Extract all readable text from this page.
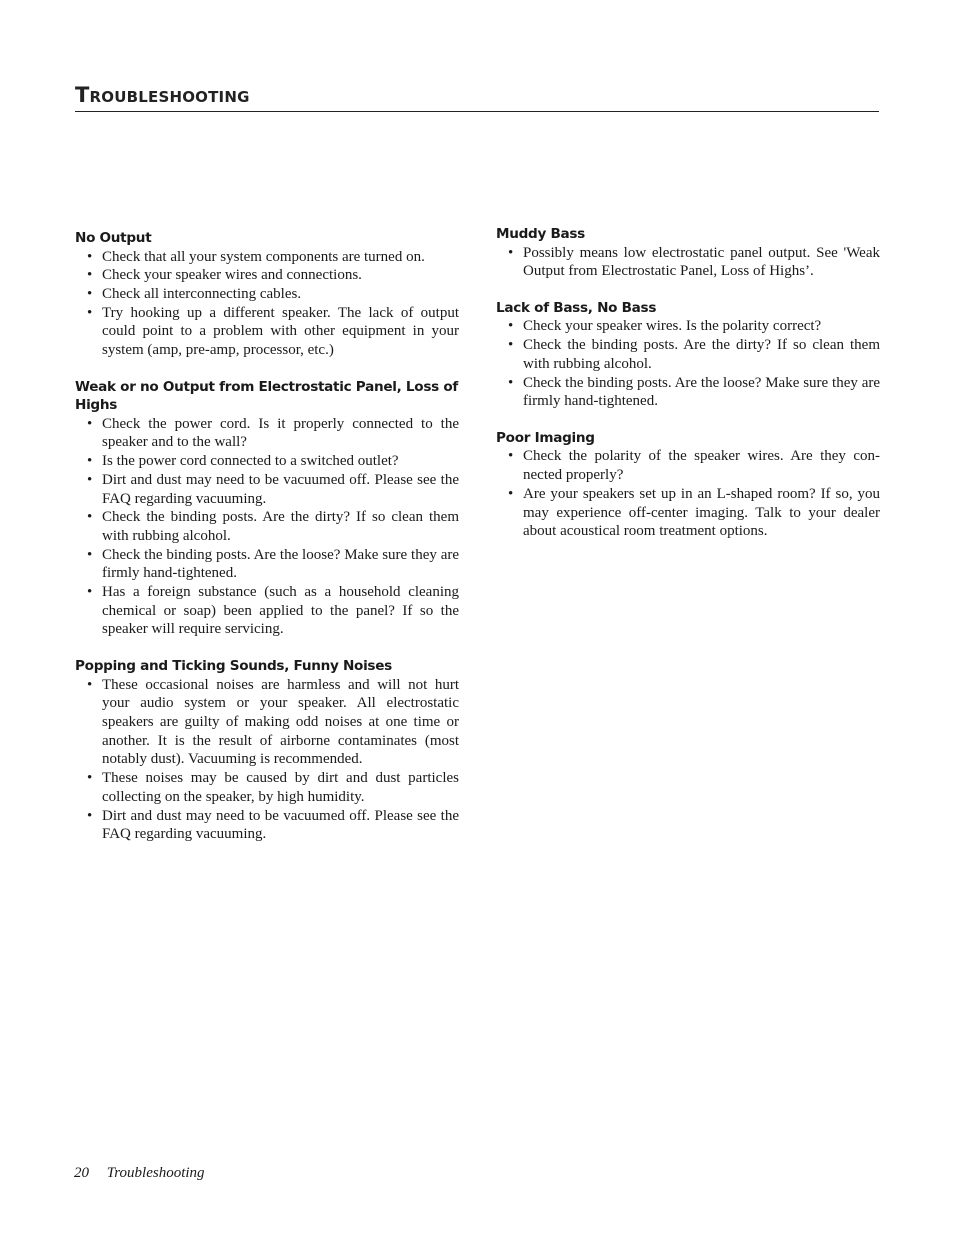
Troubleshooting
No Output
• Check that all your system components are turned on.
• Check your speaker wires and connections.
• Check all interconnecting cables.
• Try hooking up a different speaker. The lack of output could point to a problem with other equipment in your system (amp, pre-amp, processor, etc.)
Weak or no Output from Electrostatic Panel, Loss of Highs
• Check the power cord. Is it properly connected to the speaker and to the wall?
• Is the power cord connected to a switched outlet?
• Dirt and dust may need to be vacuumed off. Please see the FAQ regarding vacuuming.
• Check the binding posts. Are the dirty? If so clean them with rubbing alcohol.
• Check the binding posts. Are the loose? Make sure they are firmly hand-tightened.
• Has a foreign substance (such as a household cleaning chemical or soap) been applied to the panel? If so the speaker will require servicing.
Popping and Ticking Sounds, Funny Noises
• These occasional noises are harmless and will not hurt your audio system or your speaker. All electrostatic speakers are guilty of making odd noises at one time or another. It is the result of airborne contaminates (most notably dust). Vacuuming is recommended.
• These noises may be caused by dirt and dust particles collecting on the speaker, by high humidity.
• Dirt and dust may need to be vacuumed off. Please see the FAQ regarding vacuuming.
Muddy Bass
• Possibly means low electrostatic panel output. See 'Weak Output from Electrostatic Panel, Loss of Highs’.
Lack of Bass, No Bass
• Check your speaker wires. Is the polarity correct?
• Check the binding posts. Are the dirty? If so clean them with rubbing alcohol.
• Check the binding posts. Are the loose? Make sure they are firmly hand-tightened.
Poor Imaging
• Check the polarity of the speaker wires. Are they con-nected properly?
• Are your speakers set up in an L-shaped room? If so, you may experience off-center imaging. Talk to your dealer about acoustical room treatment options.
20 Troubleshooting
